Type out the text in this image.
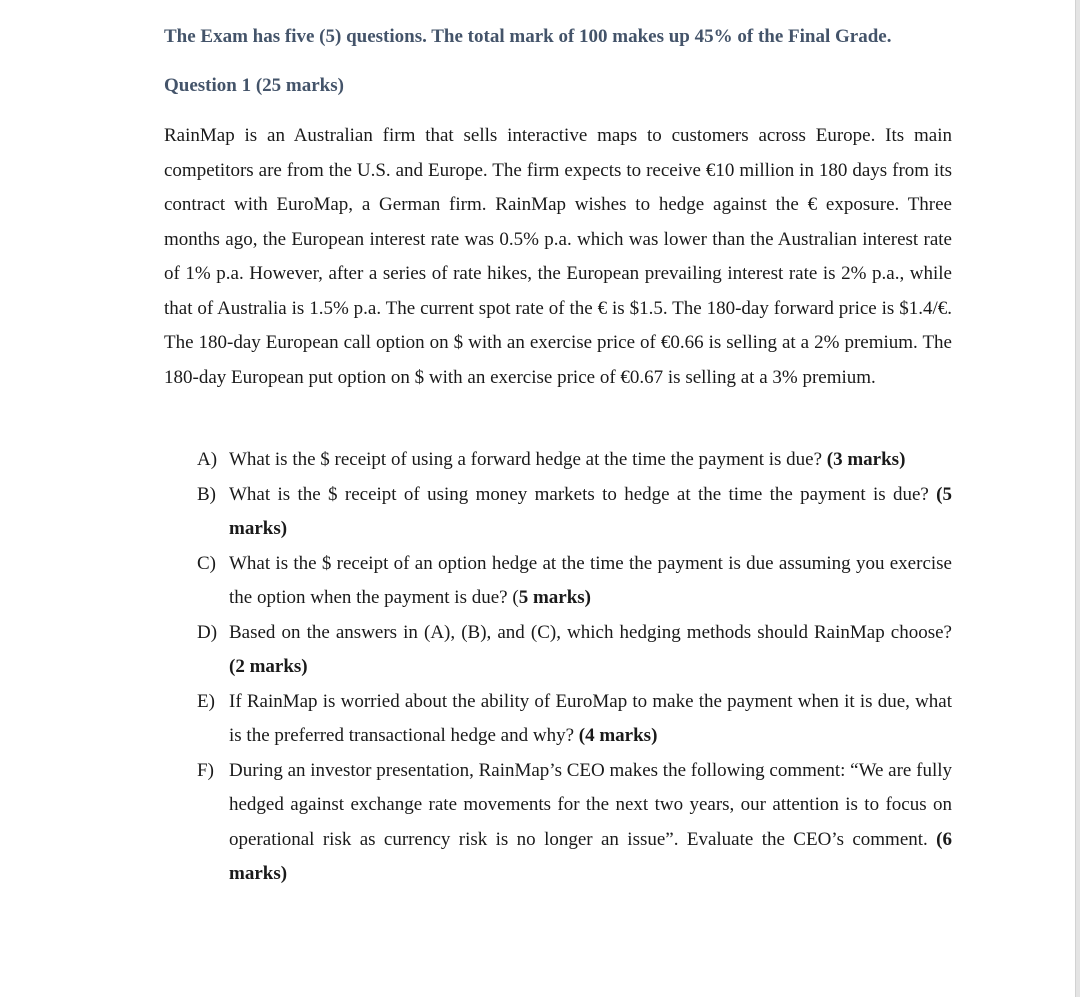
The Exam has five (5) questions. The total mark of 100 makes up 45% of the Final Grade.
Question 1 (25 marks)

RainMap is an Australian firm that sells interactive maps to customers across Europe. Its main competitors are from the U.S. and Europe. The firm expects to receive €10 million in 180 days from its contract with EuroMap, a German firm. RainMap wishes to hedge against the € exposure. Three months ago, the European interest rate was 0.5% p.a. which was lower than the Australian interest rate of 1% p.a. However, after a series of rate hikes, the European prevailing interest rate is 2% p.a., while that of Australia is 1.5% p.a. The current spot rate of the € is $1.5. The 180-day forward price is $1.4/€. The 180-day European call option on $ with an exercise price of €0.66 is selling at a 2% premium. The 180-day European put option on $ with an exercise price of €0.67 is selling at a 3% premium.

A) What is the $ receipt of using a forward hedge at the time the payment is due? (3 marks)
B) What is the $ receipt of using money markets to hedge at the time the payment is due? (5 marks)
C) What is the $ receipt of an option hedge at the time the payment is due assuming you exercise the option when the payment is due? (5 marks)
D) Based on the answers in (A), (B), and (C), which hedging methods should RainMap choose? (2 marks)
E) If RainMap is worried about the ability of EuroMap to make the payment when it is due, what is the preferred transactional hedge and why? (4 marks)
F) During an investor presentation, RainMap’s CEO makes the following comment: “We are fully hedged against exchange rate movements for the next two years, our attention is to focus on operational risk as currency risk is no longer an issue”. Evaluate the CEO’s comment. (6 marks)
